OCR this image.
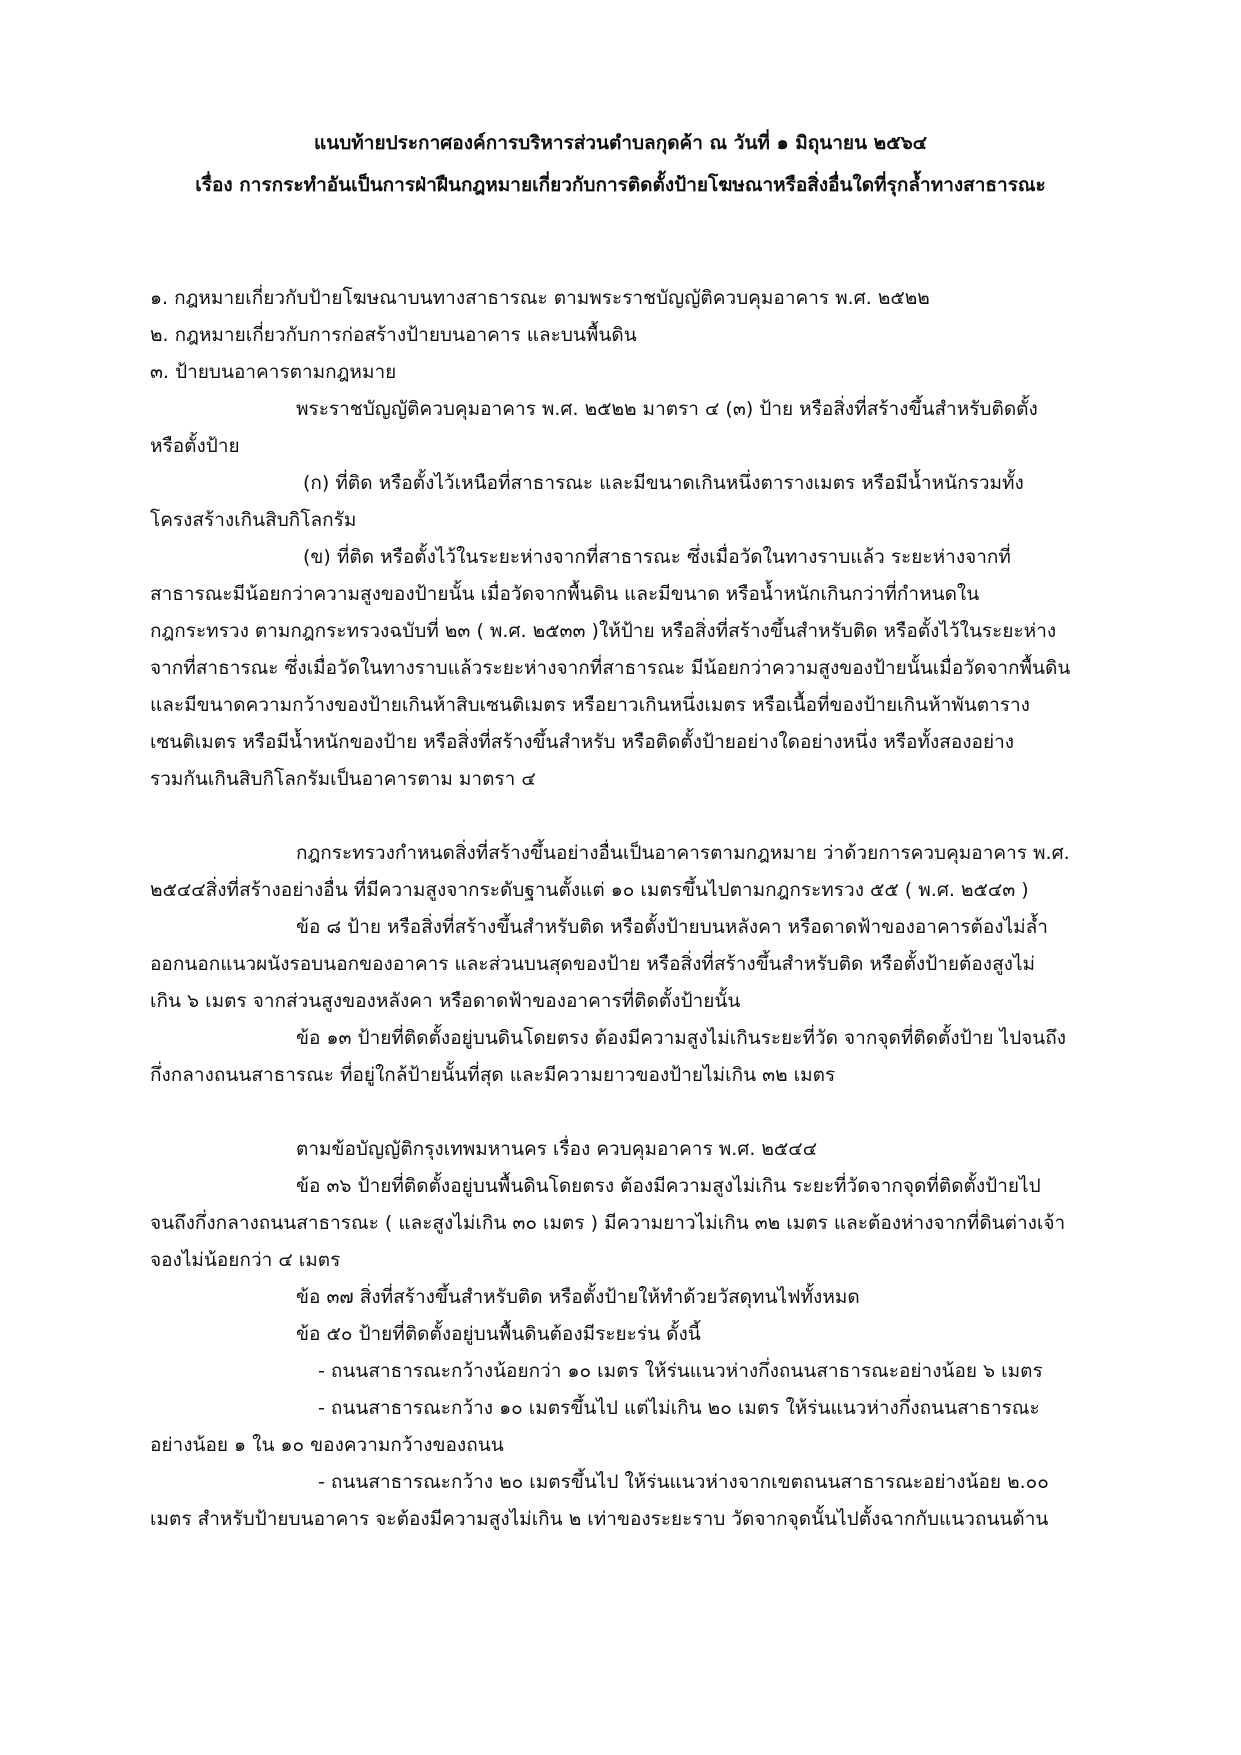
แนบท้ายประกาศองค์การบริหารส่วนตำบลกุดค้า ณ วันที่ ๑ มิถุนายน ๒๕๖๔
เรื่อง การกระทำอันเป็นการฝ่าฝืนกฎหมายเกี่ยวกับการติดตั้งป้ายโฆษณาหรือสิ่งอื่นใดที่รุกล้ำทางสาธารณะ
๑. กฎหมายเกี่ยวกับป้ายโฆษณาบนทางสาธารณะ ตามพระราชบัญญัติควบคุมอาคาร พ.ศ. ๒๕๒๒
๒. กฎหมายเกี่ยวกับการก่อสร้างป้ายบนอาคาร และบนพื้นดิน
๓. ป้ายบนอาคารตามกฎหมาย
พระราชบัญญัติควบคุมอาคาร พ.ศ. ๒๕๒๒ มาตรา ๔ (๓) ป้าย หรือสิ่งที่สร้างขึ้นสำหรับติดตั้ง
หรือตั้งป้าย
(ก) ที่ติด หรือตั้งไว้เหนือที่สาธารณะ และมีขนาดเกินหนึ่งตารางเมตร หรือมีน้ำหนักรวมทั้ง
โครงสร้างเกินสิบกิโลกรัม
(ข) ที่ติด หรือตั้งไว้ในระยะห่างจากที่สาธารณะ ซึ่งเมื่อวัดในทางราบแล้ว ระยะห่างจากที่
สาธารณะมีน้อยกว่าความสูงของป้ายนั้น เมื่อวัดจากพื้นดิน และมีขนาด หรือน้ำหนักเกินกว่าที่กำหนดใน
กฎกระทรวง ตามกฎกระทรวงฉบับที่ ๒๓ ( พ.ศ. ๒๕๓๓ )ให้ป้าย หรือสิ่งที่สร้างขึ้นสำหรับติด หรือตั้งไว้ในระยะห่าง
จากที่สาธารณะ ซึ่งเมื่อวัดในทางราบแล้วระยะห่างจากที่สาธารณะ มีน้อยกว่าความสูงของป้ายนั้นเมื่อวัดจากพื้นดิน
และมีขนาดความกว้างของป้ายเกินห้าสิบเซนติเมตร หรือยาวเกินหนึ่งเมตร หรือเนื้อที่ของป้ายเกินห้าพันตาราง
เซนติเมตร หรือมีน้ำหนักของป้าย หรือสิ่งที่สร้างขึ้นสำหรับ หรือติดตั้งป้ายอย่างใดอย่างหนึ่ง หรือทั้งสองอย่าง
รวมกันเกินสิบกิโลกรัมเป็นอาคารตาม มาตรา ๔
กฎกระทรวงกำหนดสิ่งที่สร้างขึ้นอย่างอื่นเป็นอาคารตามกฎหมาย ว่าด้วยการควบคุมอาคาร พ.ศ.
๒๕๔๔สิ่งที่สร้างอย่างอื่น ที่มีความสูงจากระดับฐานตั้งแต่ ๑๐ เมตรขึ้นไปตามกฎกระทรวง ๕๕ ( พ.ศ. ๒๕๔๓ )
ข้อ ๘ ป้าย หรือสิ่งที่สร้างขึ้นสำหรับติด หรือตั้งป้ายบนหลังคา หรือดาดฟ้าของอาคารต้องไม่ล้ำ
ออกนอกแนวผนังรอบนอกของอาคาร และส่วนบนสุดของป้าย หรือสิ่งที่สร้างขึ้นสำหรับติด หรือตั้งป้ายต้องสูงไม่
เกิน ๖ เมตร จากส่วนสูงของหลังคา หรือดาดฟ้าของอาคารที่ติดตั้งป้ายนั้น
ข้อ ๑๓ ป้ายที่ติดตั้งอยู่บนดินโดยตรง ต้องมีความสูงไม่เกินระยะที่วัด จากจุดที่ติดตั้งป้าย ไปจนถึง
กึ่งกลางถนนสาธารณะ ที่อยู่ใกล้ป้ายนั้นที่สุด และมีความยาวของป้ายไม่เกิน ๓๒ เมตร
ตามข้อบัญญัติกรุงเทพมหานคร เรื่อง ควบคุมอาคาร พ.ศ. ๒๕๔๔
ข้อ ๓๖ ป้ายที่ติดตั้งอยู่บนพื้นดินโดยตรง ต้องมีความสูงไม่เกิน ระยะที่วัดจากจุดที่ติดตั้งป้ายไป
จนถึงกึ่งกลางถนนสาธารณะ ( และสูงไม่เกิน ๓๐ เมตร ) มีความยาวไม่เกิน ๓๒ เมตร และต้องห่างจากที่ดินต่างเจ้า
จองไม่น้อยกว่า ๔ เมตร
ข้อ ๓๗ สิ่งที่สร้างขึ้นสำหรับติด หรือตั้งป้ายให้ทำด้วยวัสดุทนไฟทั้งหมด
ข้อ ๕๐ ป้ายที่ติดตั้งอยู่บนพื้นดินต้องมีระยะร่น ดั้งนี้
- ถนนสาธารณะกว้างน้อยกว่า ๑๐ เมตร ให้ร่นแนวห่างกึ่งถนนสาธารณะอย่างน้อย ๖ เมตร
- ถนนสาธารณะกว้าง ๑๐ เมตรขึ้นไป แต่ไม่เกิน ๒๐ เมตร ให้ร่นแนวห่างกึ่งถนนสาธารณะ
อย่างน้อย ๑ ใน ๑๐ ของความกว้างของถนน
- ถนนสาธารณะกว้าง ๒๐ เมตรขึ้นไป ให้ร่นแนวห่างจากเขตถนนสาธารณะอย่างน้อย ๒.๐๐
เมตร สำหรับป้ายบนอาคาร จะต้องมีความสูงไม่เกิน ๒ เท่าของระยะราบ วัดจากจุดนั้นไปตั้งฉากกับแนวถนนด้าน
